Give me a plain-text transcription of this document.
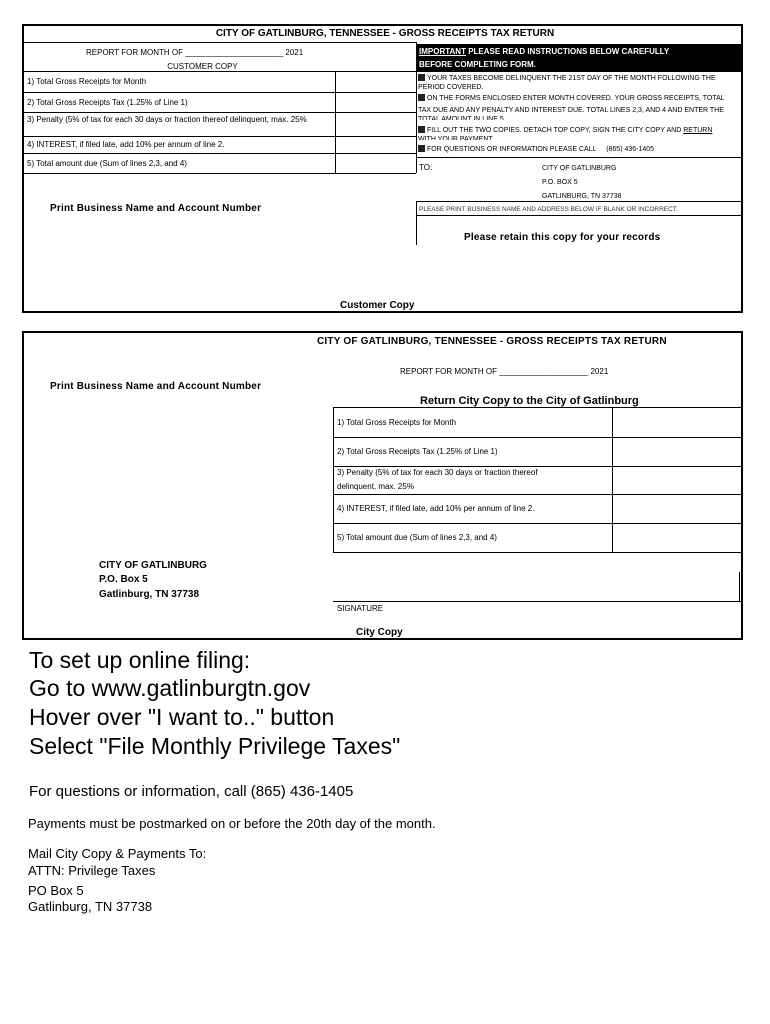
CITY OF GATLINBURG, TENNESSEE - GROSS RECEIPTS TAX RETURN
REPORT FOR MONTH OF ______________________ 2021
CUSTOMER COPY
1) Total Gross Receipts for Month
2) Total Gross Receipts Tax (1.25% of Line 1)
3) Penalty (5% of tax for each 30 days or fraction thereof delinquent, max. 25%
4) INTEREST, if filed late, add 10% per annum of line 2.
5) Total amount due (Sum of lines 2,3, and 4)
Print Business Name and Account Number
IMPORTANT PLEASE READ INSTRUCTIONS BELOW CAREFULLY
BEFORE COMPLETING FORM.
YOUR TAXES BECOME DELINQUENT THE 21ST DAY OF THE MONTH FOLLOWING THE PERIOD COVERED.
ON THE FORMS ENCLOSED ENTER MONTH COVERED. YOUR GROSS RECEIPTS, TOTAL
TAX DUE AND ANY PENALTY AND INTEREST DUE. TOTAL LINES 2,3, AND 4 AND ENTER THE
TOTAL AMOUNT IN LINE 5.
FILL OUT THE TWO COPIES. DETACH TOP COPY, SIGN THE CITY COPY AND RETURN
WITH YOUR PAYMENT.
FOR QUESTIONS OR INFORMATION PLEASE CALL (865) 436-1405
TO:	CITY OF GATLINBURG
P.O. BOX 5
GATLINBURG, TN 37738
PLEASE PRINT BUSINESS NAME AND ADDRESS BELOW IF BLANK OR INCORRECT.
Please retain this copy for your records
Customer Copy
CITY OF GATLINBURG, TENNESSEE - GROSS RECEIPTS TAX RETURN
REPORT FOR MONTH OF ____________________ 2021
Print Business Name and Account Number
Return City Copy to the City of Gatlinburg
1) Total Gross Receipts for Month
2) Total Gross Receipts Tax (1.25% of Line 1)
3) Penalty (5% of tax for each 30 days or fraction thereof
delinquent, max. 25%
4) INTEREST, if filed late, add 10% per annum of line 2.
5) Total amount due (Sum of lines 2,3, and 4)
CITY OF GATLINBURG
P.O. Box 5
Gatlinburg, TN 37738
SIGNATURE
City Copy
To set up online filing:
Go to www.gatlinburgtn.gov
Hover over "I want to.." button
Select "File Monthly Privilege Taxes"
For questions or information, call (865) 436-1405
Payments must be postmarked on or before the 20th day of the month.
Mail City Copy & Payments To:
ATTN: Privilege Taxes
PO Box 5
Gatlinburg, TN 37738
